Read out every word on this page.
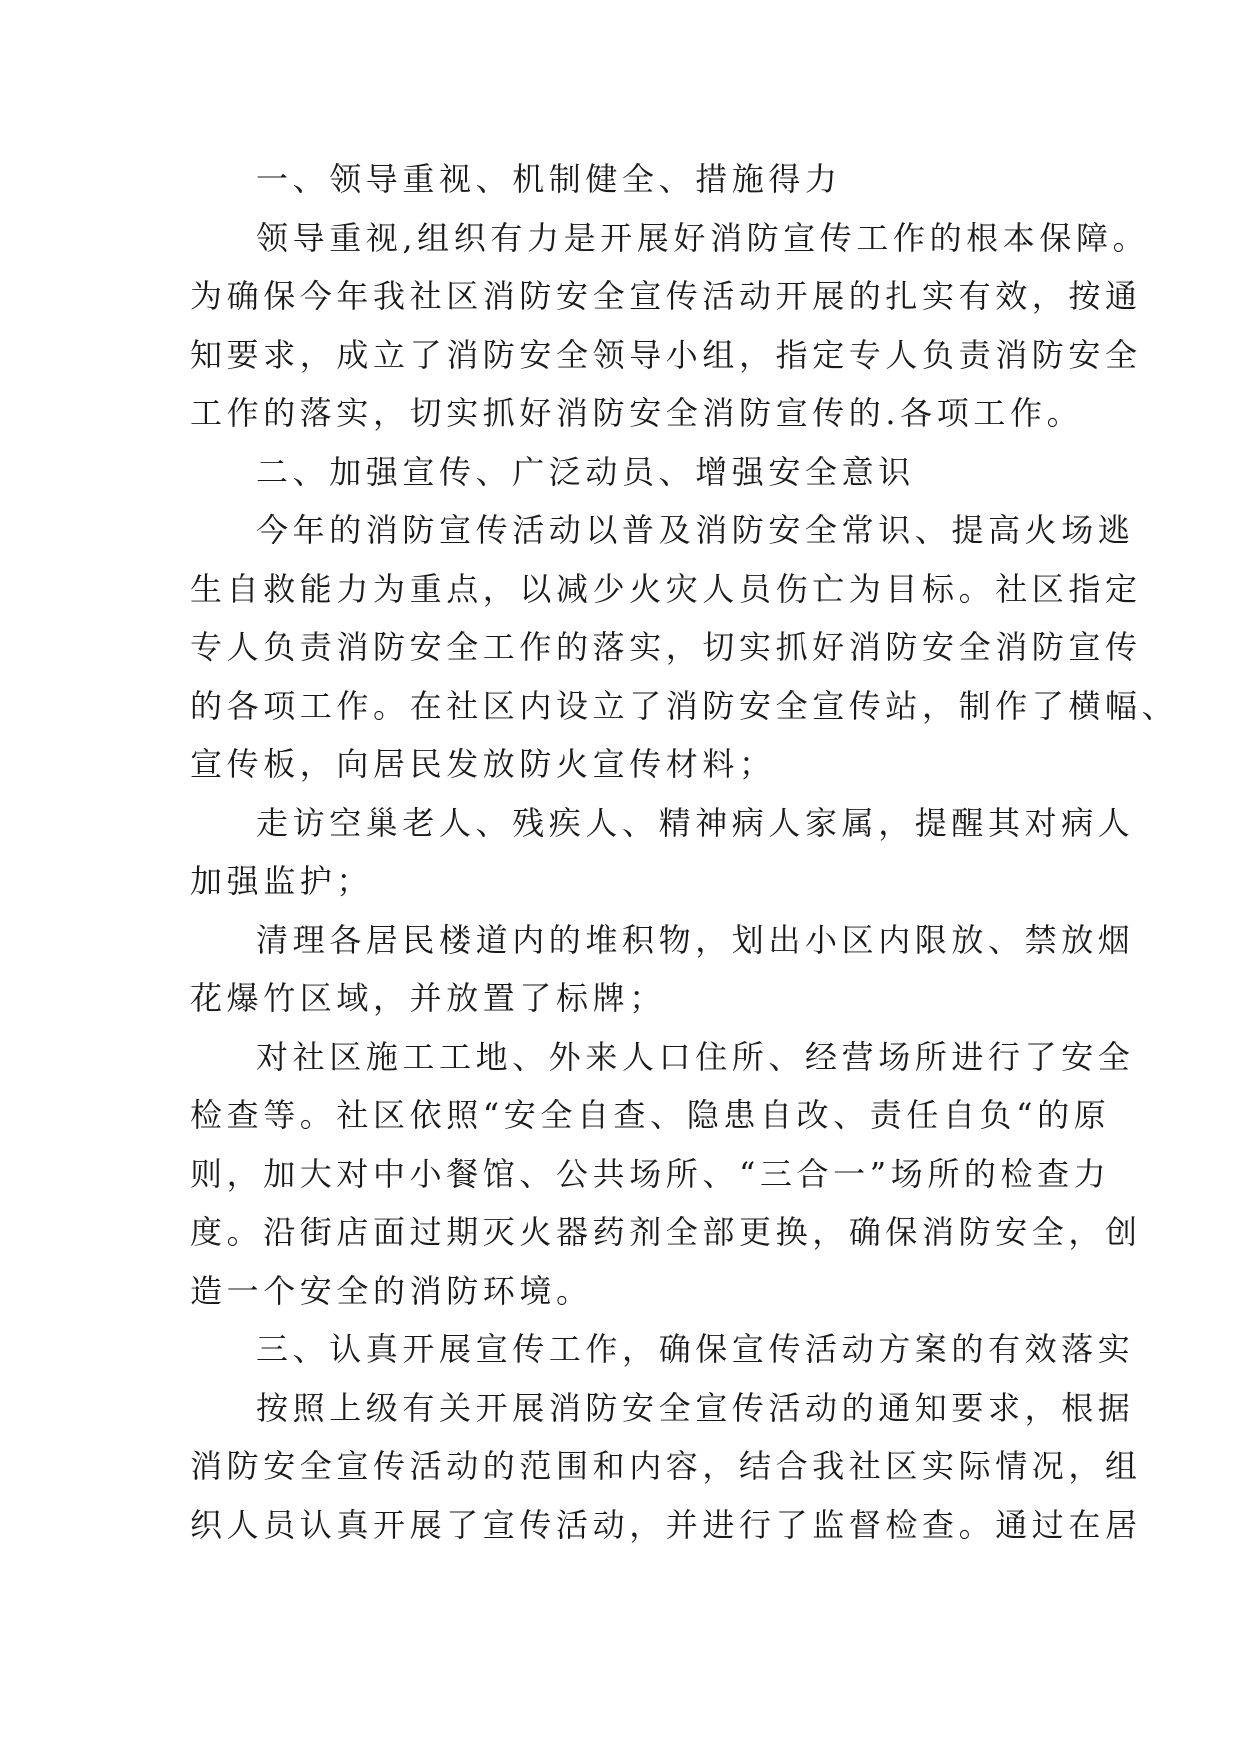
一、领导重视、机制健全、措施得力
领导重视,组织有力是开展好消防宣传工作的根本保障。
为确保今年我社区消防安全宣传活动开展的扎实有效，按通
知要求，成立了消防安全领导小组，指定专人负责消防安全
工作的落实，切实抓好消防安全消防宣传的.各项工作。
二、加强宣传、广泛动员、增强安全意识
今年的消防宣传活动以普及消防安全常识、提高火场逃
生自救能力为重点，以减少火灾人员伤亡为目标。社区指定
专人负责消防安全工作的落实，切实抓好消防安全消防宣传
的各项工作。在社区内设立了消防安全宣传站，制作了横幅、
宣传板，向居民发放防火宣传材料；
走访空巢老人、残疾人、精神病人家属，提醒其对病人
加强监护；
清理各居民楼道内的堆积物，划出小区内限放、禁放烟
花爆竹区域，并放置了标牌；
对社区施工工地、外来人口住所、经营场所进行了安全
检查等。社区依照“安全自查、隐患自改、责任自负“的原
则，加大对中小餐馆、公共场所、“三合一”场所的检查力
度。沿街店面过期灭火器药剂全部更换，确保消防安全，创
造一个安全的消防环境。
三、认真开展宣传工作，确保宣传活动方案的有效落实
按照上级有关开展消防安全宣传活动的通知要求，根据
消防安全宣传活动的范围和内容，结合我社区实际情况，组
织人员认真开展了宣传活动，并进行了监督检查。通过在居
